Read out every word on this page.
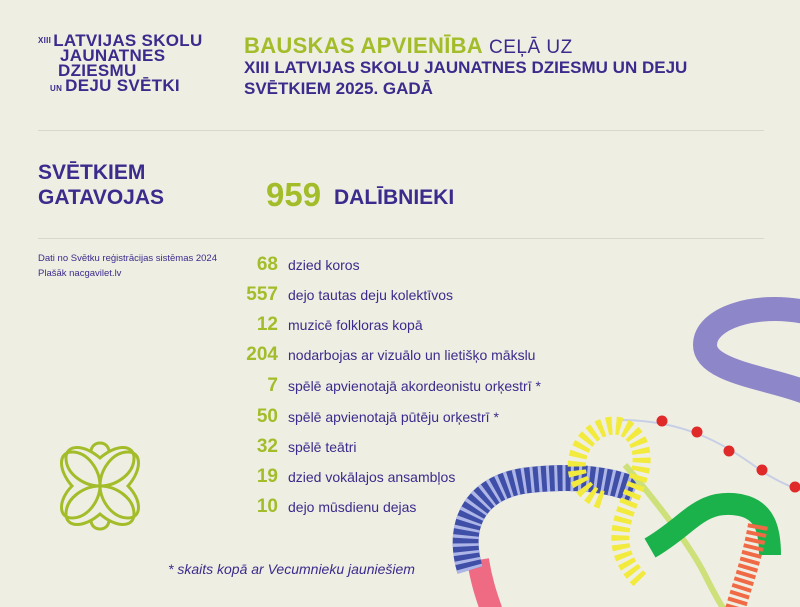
$^{XIII}$ LATVIJAS SKOLU
JAUNATNES
DZIESMU
UN DEJU SVĒTKI
BAUSKAS APVIENĪBA CEĻĀ UZ
XIII LATVIJAS SKOLU JAUNATNES DZIESMU UN DEJU SVĒTKIEM 2025. GADĀ
SVĒTKIEM
GATAVOJAS	959 DALĪBNIEKI
Dati no Svētku reģistrācijas sistēmas 2024
Plašāk nacgavilet.lv	68 dzied koros
557 dejo tautas deju kolektīvos
12 muzicē folkloras kopā
204 nodarbojas ar vizuālo un lietišķo mākslu
7 spēlē apvienotajā akordeonistu orķestrī *
50 spēlē apvienotajā pūtēju orķestrī *
32 spēlē teātri
19 dzied vokālajos ansambļos
10 dejo mūsdienu dejas
* skaits kopā ar Vecumnieku jauniešiem
